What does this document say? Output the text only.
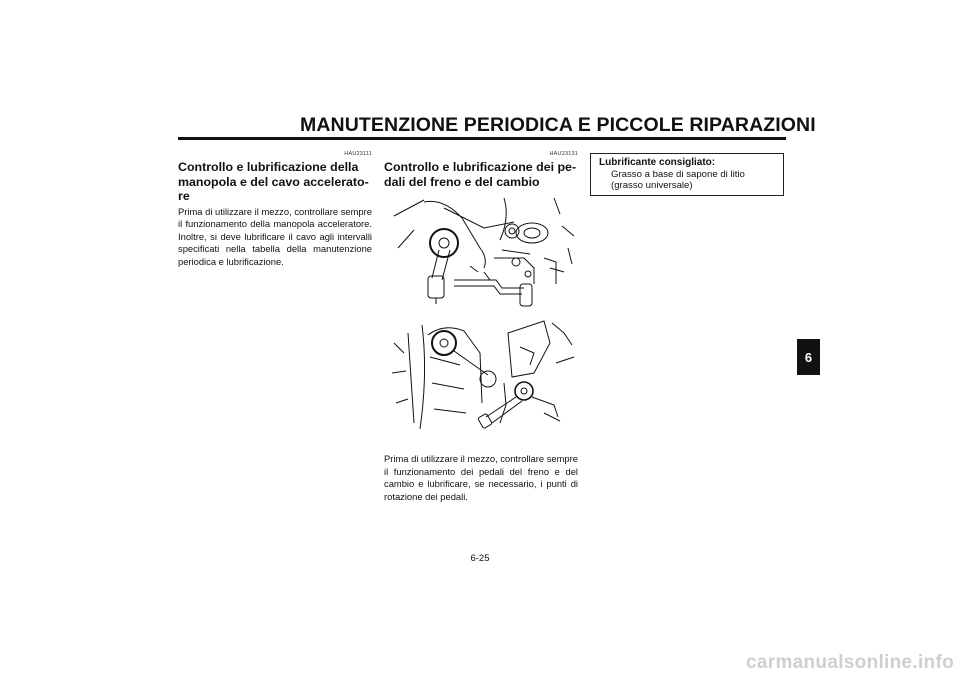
MANUTENZIONE PERIODICA E PICCOLE RIPARAZIONI
6
HAU23111
Controllo e lubrificazione della
manopola e del cavo accelerato-
re

Prima di utilizzare il mezzo, controllare sempre il funzionamento della manopola acceleratore. Inoltre, si deve lubrificare il cavo agli intervalli specificati nella tabella della manutenzione periodica e lubrificazione.

HAU23131
Controllo e lubrificazione dei pe-
dali del freno e del cambio

Prima di utilizzare il mezzo, controllare sempre il funzionamento dei pedali del freno e del cambio e lubrificare, se necessario, i punti di rotazione dei pedali.

Lubrificante consigliato:
Grasso a base di sapone di litio
(grasso universale)
6-25
carmanualsonline.info
